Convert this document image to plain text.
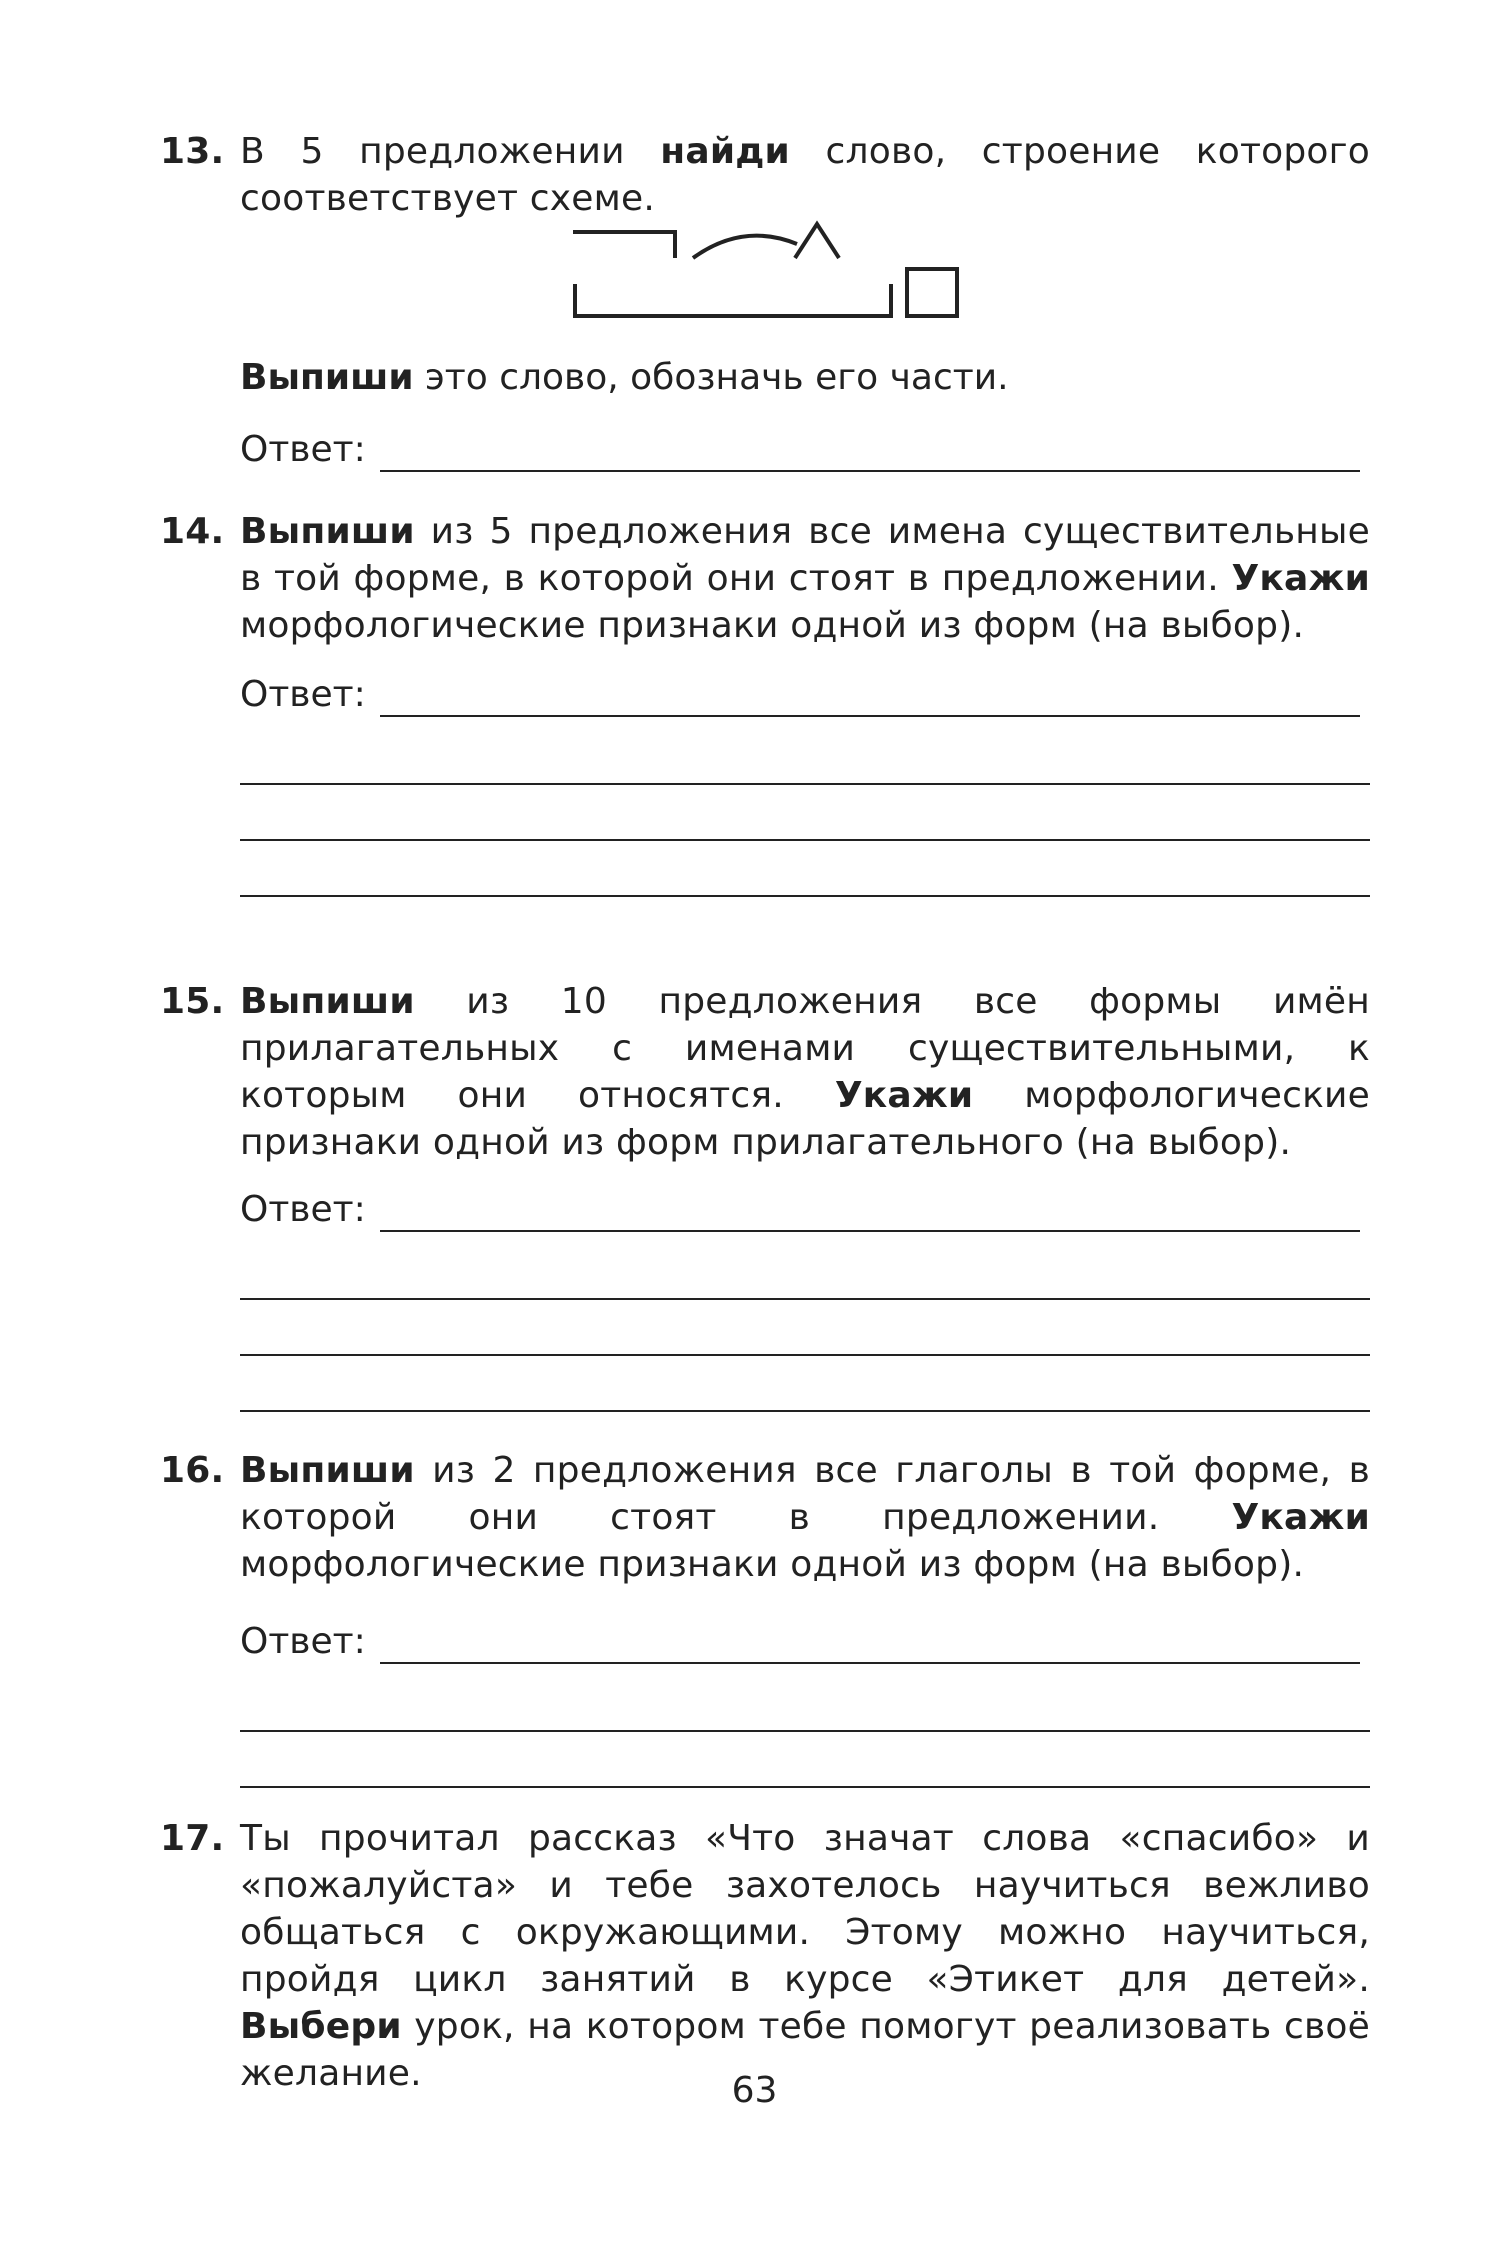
13. В 5 предложении найди слово, строение которого соответствует схеме.

Выпиши это слово, обозначь его части.

Ответ:

14. Выпиши из 5 предложения все имена существительные в той форме, в которой они стоят в предложении. Укажи морфологические признаки одной из форм (на выбор).

Ответ:

15. Выпиши из 10 предложения все формы имён прилагательных с именами существительными, к которым они относятся. Укажи морфологические признаки одной из форм прилагательного (на выбор).

Ответ:

16. Выпиши из 2 предложения все глаголы в той форме, в которой они стоят в предложении. Укажи морфологические признаки одной из форм (на выбор).

Ответ:

17. Ты прочитал рассказ «Что значат слова «спасибо» и «пожалуйста» и тебе захотелось научиться вежливо общаться с окружающими. Этому можно научиться, пройдя цикл занятий в курсе «Этикет для детей». Выбери урок, на котором тебе помогут реализовать своё желание.	63
